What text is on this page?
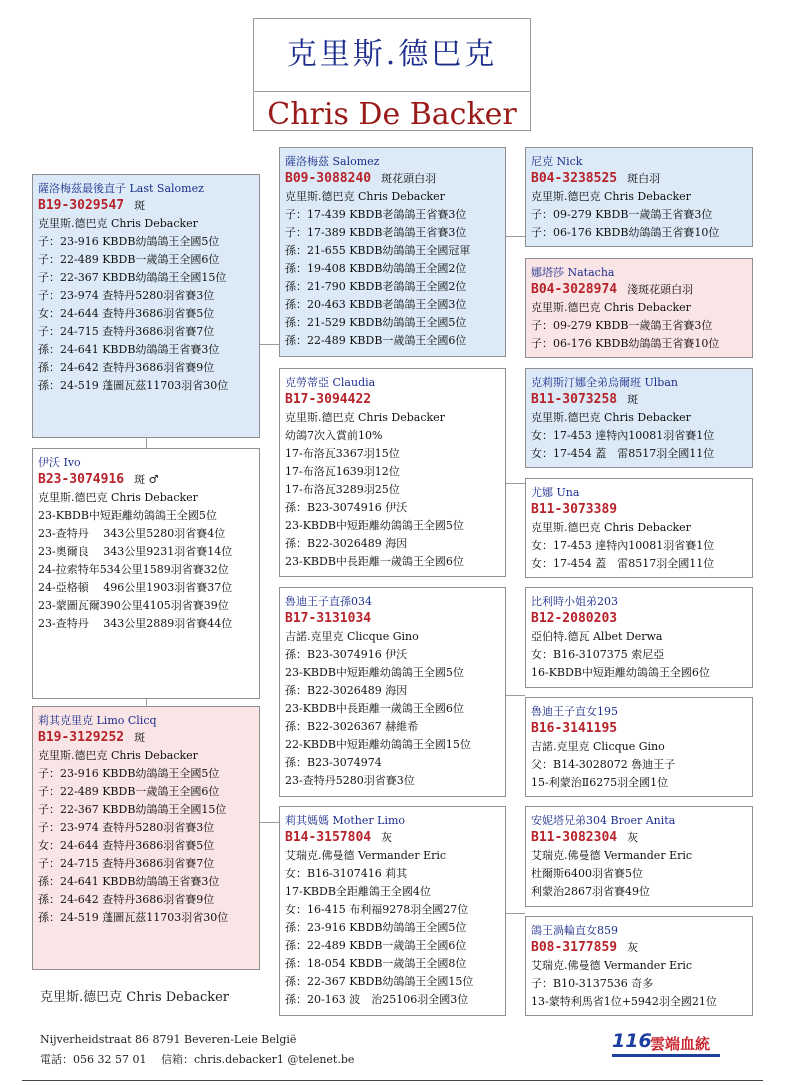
克里斯.德巴克
Chris De Backer
薩洛梅茲最後直子 Last Salomez
B19-3029547 斑
克里斯.德巴克 Chris Debacker
子：23-916 KBDB幼鴿鴿王全國5位
子：22-489 KBDB一歲鴿王全國6位
子：22-367 KBDB幼鴿鴿王全國15位
子：23-974 查特丹5280羽省賽3位
女：24-644 查特丹3686羽省賽5位
子：24-715 查特丹3686羽省賽7位
孫：24-641 KBDB幼鴿鴿王省賽3位
孫：24-642 查特丹3686羽省賽9位
孫：24-519 蓬圖瓦茲11703羽省30位
伊沃 Ivo
B23-3074916 斑 ♂
克里斯.德巴克 Chris Debacker
23-KBDB中短距離幼鴿鴿王全國5位
23-查特丹　 343公里5280羽省賽4位
23-奧爾良　 343公里9231羽省賽14位
24-拉索特年534公里1589羽省賽32位
24-亞格頓　 496公里1903羽省賽37位
23-蒙圖瓦爾390公里4105羽省賽39位
23-查特丹　 343公里2889羽省賽44位
莉其克里克 Limo Clicq
B19-3129252 斑
克里斯.德巴克 Chris Debacker
子：23-916 KBDB幼鴿鴿王全國5位
子：22-489 KBDB一歲鴿王全國6位
子：22-367 KBDB幼鴿鴿王全國15位
子：23-974 查特丹5280羽省賽3位
女：24-644 查特丹3686羽省賽5位
子：24-715 查特丹3686羽省賽7位
孫：24-641 KBDB幼鴿鴿王省賽3位
孫：24-642 查特丹3686羽省賽9位
孫：24-519 蓬圖瓦茲11703羽省30位
薩洛梅茲 Salomez
B09-3088240 斑花頭白羽
克里斯.德巴克 Chris Debacker
子：17-439 KBDB老鴿鴿王省賽3位
子：17-389 KBDB老鴿鴿王省賽3位
孫：21-655 KBDB幼鴿鴿王全國冠軍
孫：19-408 KBDB幼鴿鴿王全國2位
孫：21-790 KBDB老鴿鴿王全國2位
孫：20-463 KBDB老鴿鴿王全國3位
孫：21-529 KBDB幼鴿鴿王全國5位
孫：22-489 KBDB一歲鴿王全國6位
克勞蒂亞 Claudia
B17-3094422
克里斯.德巴克 Chris Debacker
幼鴿7次入賞前10%
17-布洛瓦3367羽15位
17-布洛瓦1639羽12位
17-布洛瓦3289羽25位
孫：B23-3074916 伊沃
23-KBDB中短距離幼鴿鴿王全國5位
孫：B22-3026489 海因
23-KBDB中長距離一歲鴿王全國6位
魯迪王子直孫034
B17-3131034
吉諾.克里克 Clicque Gino
孫：B23-3074916 伊沃
23-KBDB中短距離幼鴿鴿王全國5位
孫：B22-3026489 海因
23-KBDB中長距離一歲鴿王全國6位
孫：B22-3026367 赫維希
22-KBDB中短距離幼鴿鴿王全國15位
孫：B23-3074974
23-查特丹5280羽省賽3位
莉其媽媽 Mother Limo
B14-3157804 灰
艾瑞克.佛曼德 Vermander Eric
女：B16-3107416 莉其
17-KBDB全距離鴿王全國4位
女：16-415 布利福9278羽全國27位
孫：23-916 KBDB幼鴿鴿王全國5位
孫：22-489 KBDB一歲鴿王全國6位
孫：18-054 KBDB一歲鴿王全國8位
孫：22-367 KBDB幼鴿鴿王全國15位
孫：20-163 波　治25106羽全國3位
尼克 Nick
B04-3238525 斑白羽
克里斯.德巴克 Chris Debacker
子：09-279 KBDB一歲鴿王省賽3位
子：06-176 KBDB幼鴿鴿王省賽10位
娜塔莎 Natacha
B04-3028974 淺斑花頭白羽
克里斯.德巴克 Chris Debacker
子：09-279 KBDB一歲鴿王省賽3位
子：06-176 KBDB幼鴿鴿王省賽10位
克莉斯汀娜全弟烏爾班 Ulban
B11-3073258 斑
克里斯.德巴克 Chris Debacker
女：17-453 達特內10081羽省賽1位
女：17-454 蓋　雷8517羽全國11位
尤娜 Una
B11-3073389
克里斯.德巴克 Chris Debacker
女：17-453 達特內10081羽省賽1位
女：17-454 蓋　雷8517羽全國11位
比利時小姐弟203
B12-2080203
亞伯特.德瓦 Albet Derwa
女：B16-3107375 索尼亞
16-KBDB中短距離幼鴿鴿王全國6位
魯迪王子直女195
B16-3141195
吉諾.克里克 Clicque Gino
父：B14-3028072 魯迪王子
15-利蒙治Ⅱ6275羽全國1位
安妮塔兄弟304 Broer Anita
B11-3082304 灰
艾瑞克.佛曼德 Vermander Eric
杜爾斯6400羽省賽5位
利蒙治2867羽省賽49位
鴿王渦輪直女859
B08-3177859 灰
艾瑞克.佛曼德 Vermander Eric
子：B10-3137536 奇多
13-蒙特利馬省1位+5942羽全國21位
克里斯.德巴克 Chris Debacker
Nijverheidstraat 86 8791 Beveren-Leie België
電話：056 32 57 01　 信箱：chris.debacker1 @telenet.be
116
雲端血統
